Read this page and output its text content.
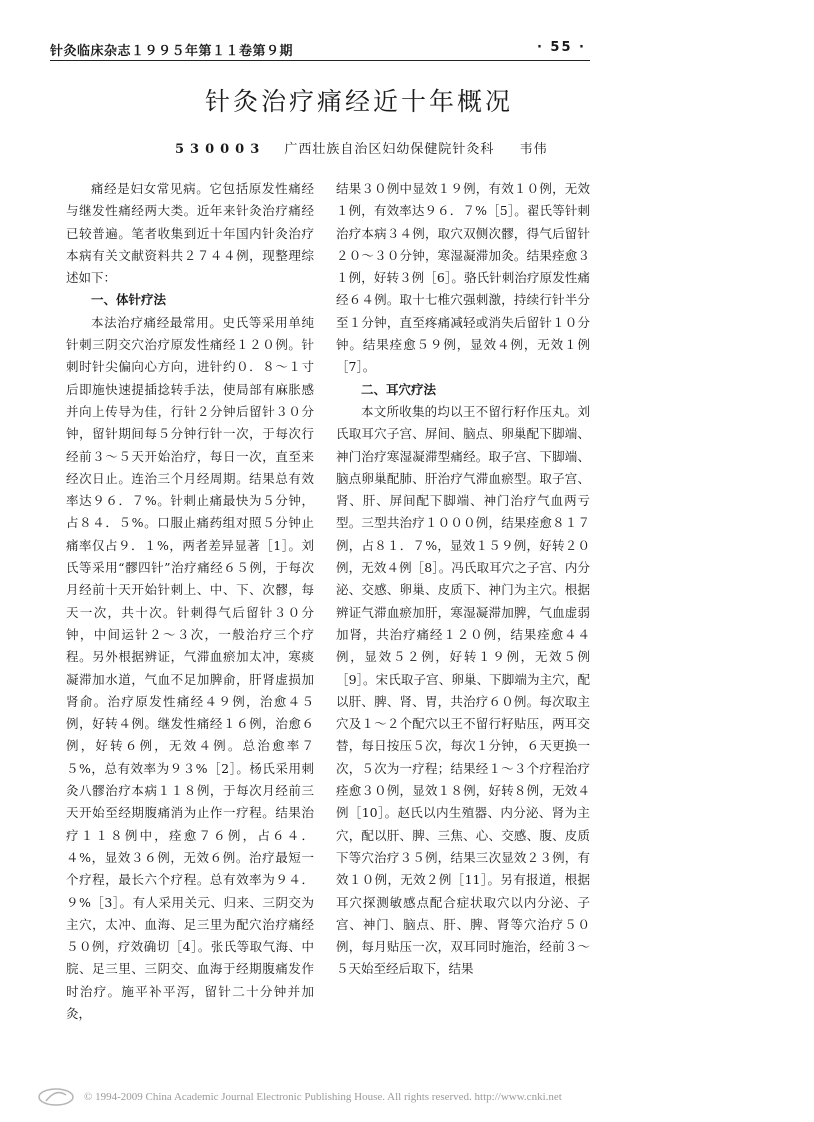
针灸临床杂志１９９５年第１１卷第９期	· 55 ·
针灸治疗痛经近十年概况
530003 广西壮族自治区妇幼保健院针灸科 韦伟

痛经是妇女常见病。它包括原发性痛经与继发性痛经两大类。近年来针灸治疗痛经已较普遍。笔者收集到近十年国内针灸治疗本病有关文献资料共２７４４例，现整理综述如下：

一、体针疗法

本法治疗痛经最常用。史氏等采用单纯针刺三阴交穴治疗原发性痛经１２０例。针刺时针尖偏向心方向，进针约０．８～１寸后即施快速提插捻转手法，使局部有麻胀感并向上传导为佳，行针２分钟后留针３０分钟，留针期间每５分钟行针一次，于每次行经前３～５天开始治疗，每日一次，直至来经次日止。连治三个月经周期。结果总有效率达９６．７%。针刺止痛最快为５分钟，占８４．５%。口服止痛药组对照５分钟止痛率仅占９．１%，两者差异显著［1］。刘氏等采用“髎四针”治疗痛经６５例，于每次月经前十天开始针刺上、中、下、次髎，每天一次，共十次。针刺得气后留针３０分钟，中间运针２～３次，一般治疗三个疗程。另外根据辨证，气滞血瘀加太冲，寒痰凝滞加水道，气血不足加脾俞，肝肾虚损加肾俞。治疗原发性痛经４９例，治愈４５例，好转４例。继发性痛经１６例，治愈６例，好转６例，无效４例。总治愈率７５%，总有效率为９３%［2］。杨氏采用刺灸八髎治疗本病１１８例，于每次月经前三天开始至经期腹痛消为止作一疗程。结果治疗１１８例中，痊愈７６例，占６４．４%，显效３６例，无效６例。治疗最短一个疗程，最长六个疗程。总有效率为９４．９%［3］。有人采用关元、归来、三阴交为主穴，太冲、血海、足三里为配穴治疗痛经５０例，疗效确切［4］。张氏等取气海、中脘、足三里、三阴交、血海于经期腹痛发作时治疗。施平补平泻，留针二十分钟并加灸，

结果３０例中显效１９例，有效１０例，无效１例，有效率达９６．７%［5］。翟氏等针刺治疗本病３４例，取穴双侧次髎，得气后留针２０～３０分钟，寒湿凝滞加灸。结果痊愈３１例，好转３例［6］。骆氏针刺治疗原发性痛经６４例。取十七椎穴强刺激，持续行针半分至１分钟，直至疼痛减轻或消失后留针１０分钟。结果痊愈５９例，显效４例，无效１例［7］。

二、耳穴疗法

本文所收集的均以王不留行籽作压丸。刘氏取耳穴子宫、屏间、脑点、卵巢配下脚端、神门治疗寒湿凝滞型痛经。取子宫、下脚端、脑点卵巢配肺、肝治疗气滞血瘀型。取子宫、肾、肝、屏间配下脚端、神门治疗气血两亏型。三型共治疗１０００例，结果痊愈８１７例，占８１．７%，显效１５９例，好转２０例，无效４例［8］。冯氏取耳穴之子宫、内分泌、交感、卵巢、皮质下、神门为主穴。根据辨证气滞血瘀加肝，寒湿凝滞加脾，气血虚弱加肾，共治疗痛经１２０例，结果痊愈４４例，显效５２例，好转１９例，无效５例［9］。宋氏取子宫、卵巢、下脚端为主穴，配以肝、脾、肾、胃，共治疗６０例。每次取主穴及１～２个配穴以王不留行籽贴压，两耳交替，每日按压５次，每次１分钟，６天更换一次，５次为一疗程；结果经１～３个疗程治疗痊愈３０例，显效１８例，好转８例，无效４例［10］。赵氏以内生殖器、内分泌、肾为主穴，配以肝、脾、三焦、心、交感、腹、皮质下等穴治疗３５例，结果三次显效２３例，有效１０例，无效２例［11］。另有报道，根据耳穴探测敏感点配合症状取穴以内分泌、子宫、神门、脑点、肝、脾、肾等穴治疗５０例，每月贴压一次，双耳同时施治，经前３～５天始至经后取下，结果

© 1994-2009 China Academic Journal Electronic Publishing House. All rights reserved. http://www.cnki.net
